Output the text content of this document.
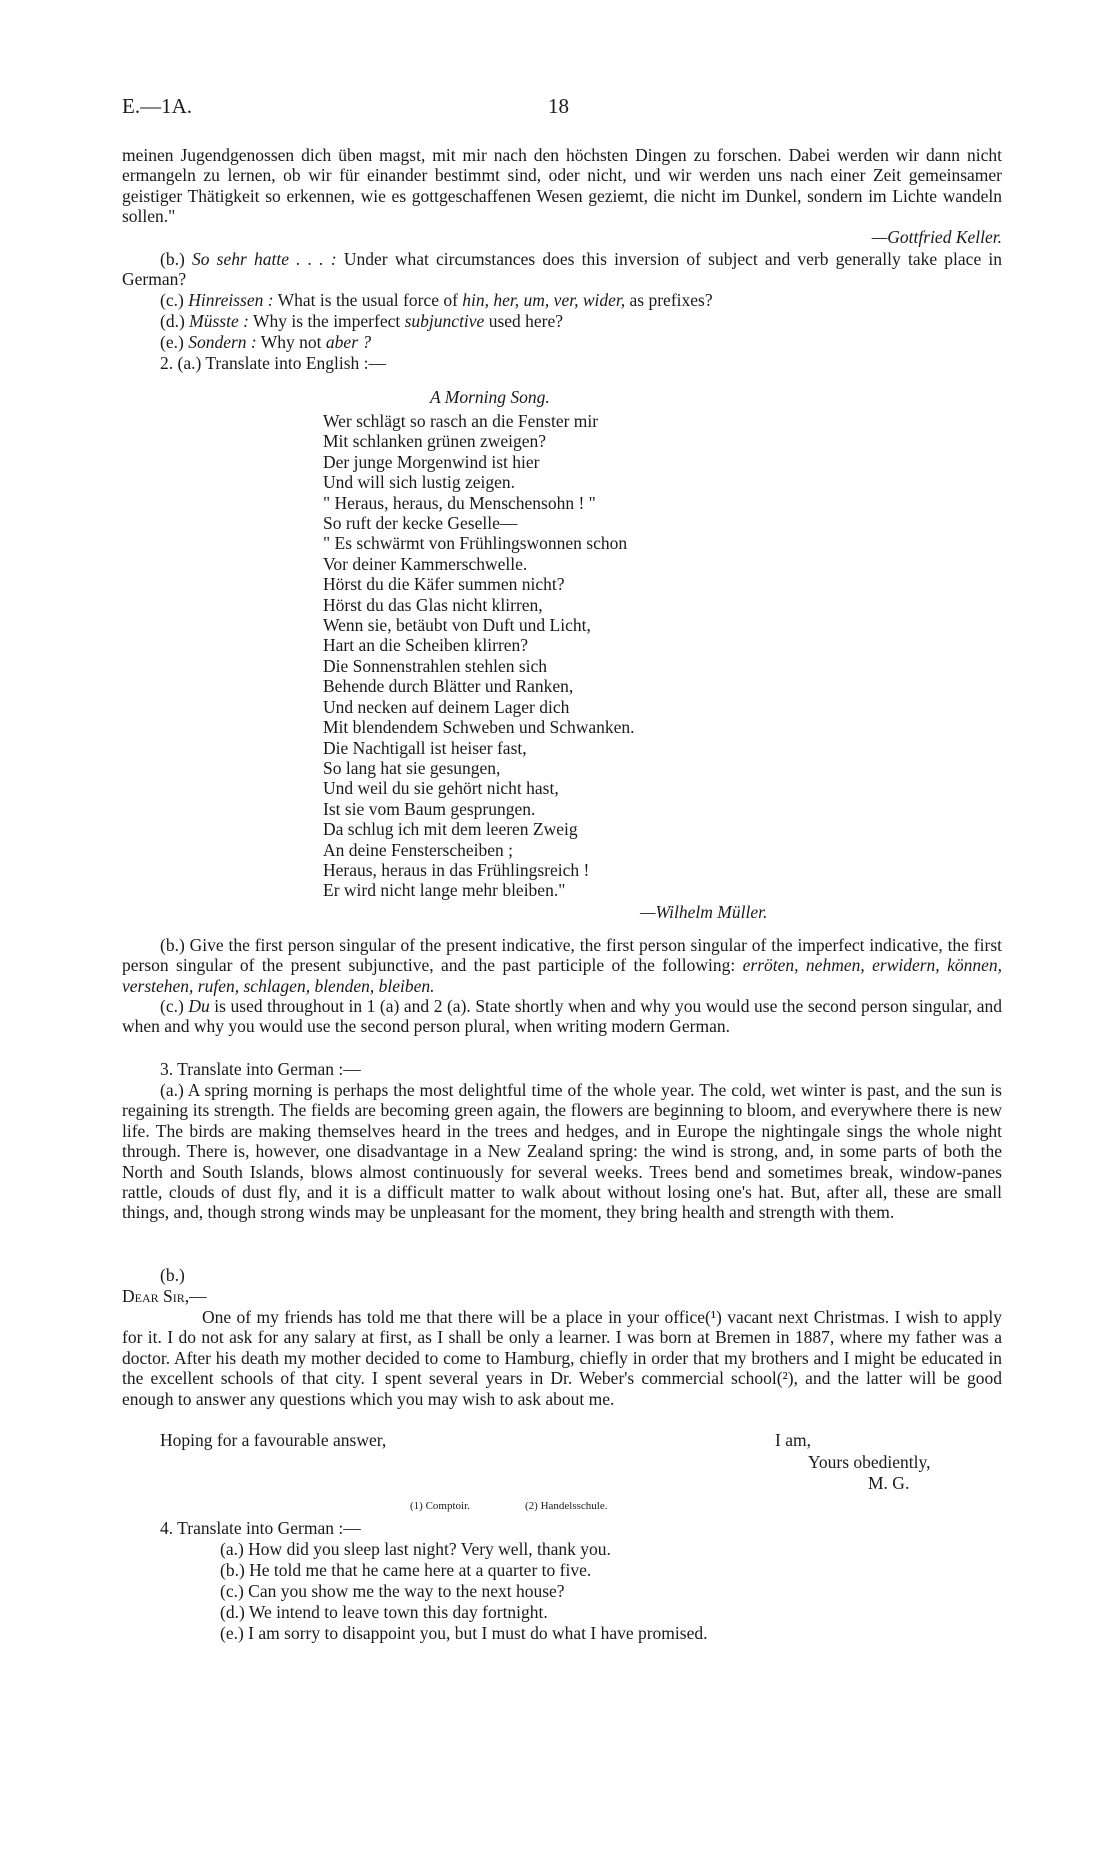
E.—1A.	18
meinen Jugendgenossen dich üben magst, mit mir nach den höchsten Dingen zu forschen. Dabei werden wir dann nicht ermangeln zu lernen, ob wir für einander bestimmt sind, oder nicht, und wir werden uns nach einer Zeit gemeinsamer geistiger Thätigkeit so erkennen, wie es gottgeschaffenen Wesen geziemt, die nicht im Dunkel, sondern im Lichte wandeln sollen."
—Gottfried Keller.
(b.) So sehr hatte . . . : Under what circumstances does this inversion of subject and verb generally take place in German?
(c.) Hinreissen : What is the usual force of hin, her, um, ver, wider, as prefixes?
(d.) Müsste : Why is the imperfect subjunctive used here?
(e.) Sondern : Why not aber ?
2. (a.) Translate into English :—
A Morning Song.
Wer schlägt so rasch an die Fenster mir
Mit schlanken grünen zweigen?
Der junge Morgenwind ist hier
Und will sich lustig zeigen.
" Heraus, heraus, du Menschensohn ! "
So ruft der kecke Geselle—
" Es schwärmt von Frühlingswonnen schon
Vor deiner Kammerschwelle.
Hörst du die Käfer summen nicht?
Hörst du das Glas nicht klirren,
Wenn sie, betäubt von Duft und Licht,
Hart an die Scheiben klirren?
Die Sonnenstrahlen stehlen sich
Behende durch Blätter und Ranken,
Und necken auf deinem Lager dich
Mit blendendem Schweben und Schwanken.
Die Nachtigall ist heiser fast,
So lang hat sie gesungen,
Und weil du sie gehört nicht hast,
Ist sie vom Baum gesprungen.
Da schlug ich mit dem leeren Zweig
An deine Fensterscheiben ;
Heraus, heraus in das Frühlingsreich !
Er wird nicht lange mehr bleiben."
—Wilhelm Müller.
(b.) Give the first person singular of the present indicative, the first person singular of the imperfect indicative, the first person singular of the present subjunctive, and the past participle of the following: erröten, nehmen, erwidern, können, verstehen, rufen, schlagen, blenden, bleiben.
(c.) Du is used throughout in 1 (a) and 2 (a). State shortly when and why you would use the second person singular, and when and why you would use the second person plural, when writing modern German.
3. Translate into German :—
(a.) A spring morning is perhaps the most delightful time of the whole year. The cold, wet winter is past, and the sun is regaining its strength. The fields are becoming green again, the flowers are beginning to bloom, and everywhere there is new life. The birds are making themselves heard in the trees and hedges, and in Europe the nightingale sings the whole night through. There is, however, one disadvantage in a New Zealand spring: the wind is strong, and, in some parts of both the North and South Islands, blows almost continuously for several weeks. Trees bend and sometimes break, window-panes rattle, clouds of dust fly, and it is a difficult matter to walk about without losing one's hat. But, after all, these are small things, and, though strong winds may be unpleasant for the moment, they bring health and strength with them.
(b.)
Dear Sir,—
One of my friends has told me that there will be a place in your office(¹) vacant next Christmas. I wish to apply for it. I do not ask for any salary at first, as I shall be only a learner. I was born at Bremen in 1887, where my father was a doctor. After his death my mother decided to come to Hamburg, chiefly in order that my brothers and I might be educated in the excellent schools of that city. I spent several years in Dr. Weber's commercial school(²), and the latter will be good enough to answer any questions which you may wish to ask about me.
Hoping for a favourable answer,	I am,
Yours obediently,
M. G.
(1) Comptoir.	(2) Handelsschule.
4. Translate into German :—
(a.) How did you sleep last night? Very well, thank you.
(b.) He told me that he came here at a quarter to five.
(c.) Can you show me the way to the next house?
(d.) We intend to leave town this day fortnight.
(e.) I am sorry to disappoint you, but I must do what I have promised.
